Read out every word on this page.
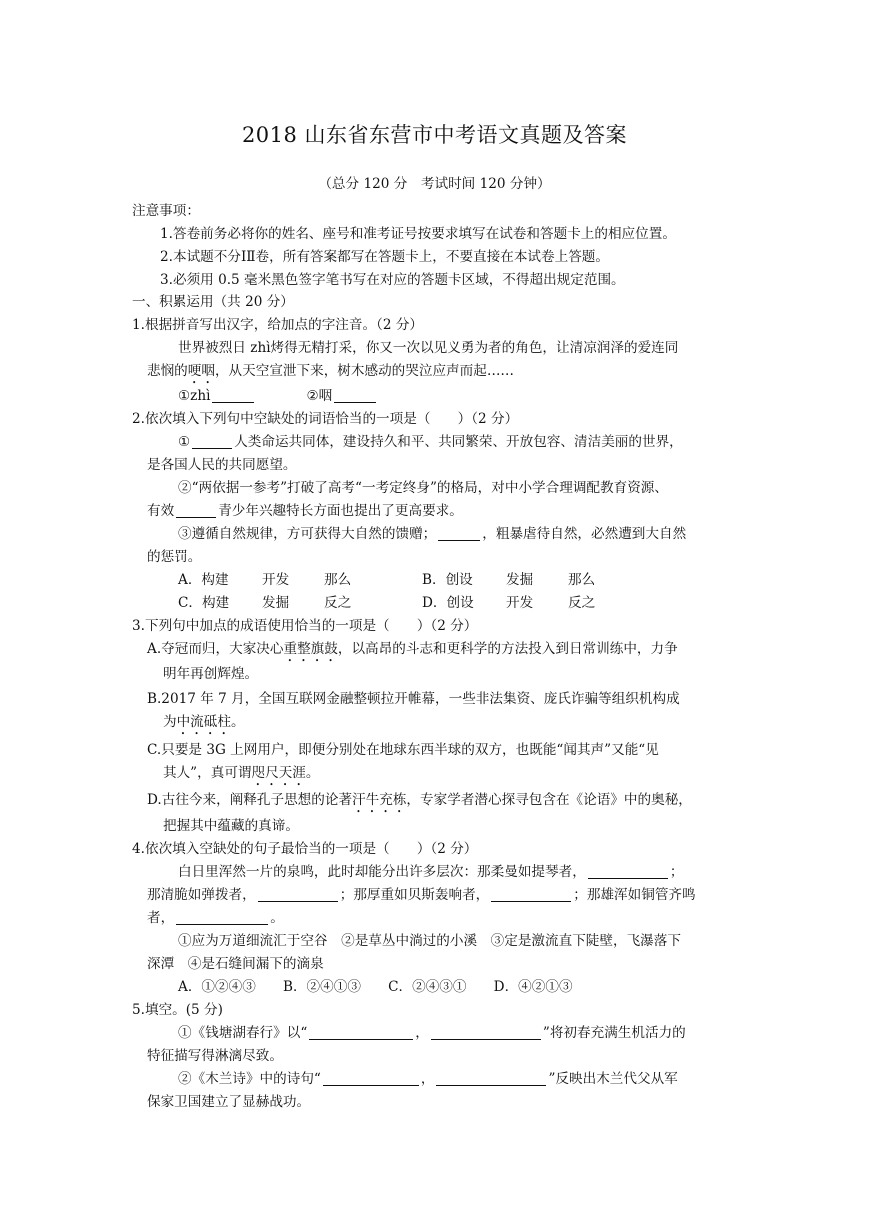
2018 山东省东营市中考语文真题及答案
（总分 120 分　考试时间 120 分钟）
注意事项：
1.答卷前务必将你的姓名、座号和准考证号按要求填写在试卷和答题卡上的相应位置。
2.本试题不分ⅠⅡ卷，所有答案都写在答题卡上，不要直接在本试卷上答题。
3.必须用 0.5 毫米黑色签字笔书写在对应的答题卡区域，不得超出规定范围。
一、积累运用（共 20 分）
1.根据拼音写出汉字，给加点的字注音。（2 分）
世界被烈日 zhì烤得无精打采，你又一次以见义勇为者的角色，让清凉润泽的爱连同
悲悯的哽咽，从天空宣泄下来，树木感动的哭泣应声而起……
①zhì	②咽
2.依次填入下列句中空缺处的词语恰当的一项是（　　）（2 分）
①	人类命运共同体，建设持久和平、共同繁荣、开放包容、清洁美丽的世界，
是各国人民的共同愿望。
②“两依据一参考”打破了高考“一考定终身”的格局，对中小学合理调配教育资源、
有效	青少年兴趣特长方面也提出了更高要求。
③遵循自然规律，方可获得大自然的馈赠；	，粗暴虐待自然，必然遭到大自然
的惩罚。
A．构建 开发	那么	B．创设 发掘	那么
C．构建 发掘	反之	D．创设 开发	反之
3.下列句中加点的成语使用恰当的一项是（　　）（2 分）
A.夺冠而归，大家决心重整旗鼓，以高昂的斗志和更科学的方法投入到日常训练中，力争
明年再创辉煌。
B.2017 年 7 月，全国互联网金融整顿拉开帷幕，一些非法集资、庞氏诈骗等组织机构成
为中流砥柱。
C.只要是 3G 上网用户，即便分别处在地球东西半球的双方，也既能“闻其声”又能“见
其人”，真可谓咫尺天涯。
D.古往今来，阐释孔子思想的论著汗牛充栋，专家学者潜心探寻包含在《论语》中的奥秘，
把握其中蕴藏的真谛。
4.依次填入空缺处的句子最恰当的一项是（　　）（2 分）
白日里浑然一片的泉鸣，此时却能分出许多层次：那柔曼如提琴者，	；
那清脆如弹拨者，	；那厚重如贝斯轰响者，	；那雄浑如铜管齐鸣
者，	。
①应为万道细流汇于空谷　②是草丛中淌过的小溪　③定是激流直下陡壁，飞瀑落下
深潭　④是石缝间漏下的滴泉
A．①②④③　　B．②④①③　　C．②④③①　　D．④②①③
5.填空。(5 分)
①《钱塘湖春行》以“	，	”将初春充满生机活力的
特征描写得淋漓尽致。
②《木兰诗》中的诗句“	，	”反映出木兰代父从军
保家卫国建立了显赫战功。
